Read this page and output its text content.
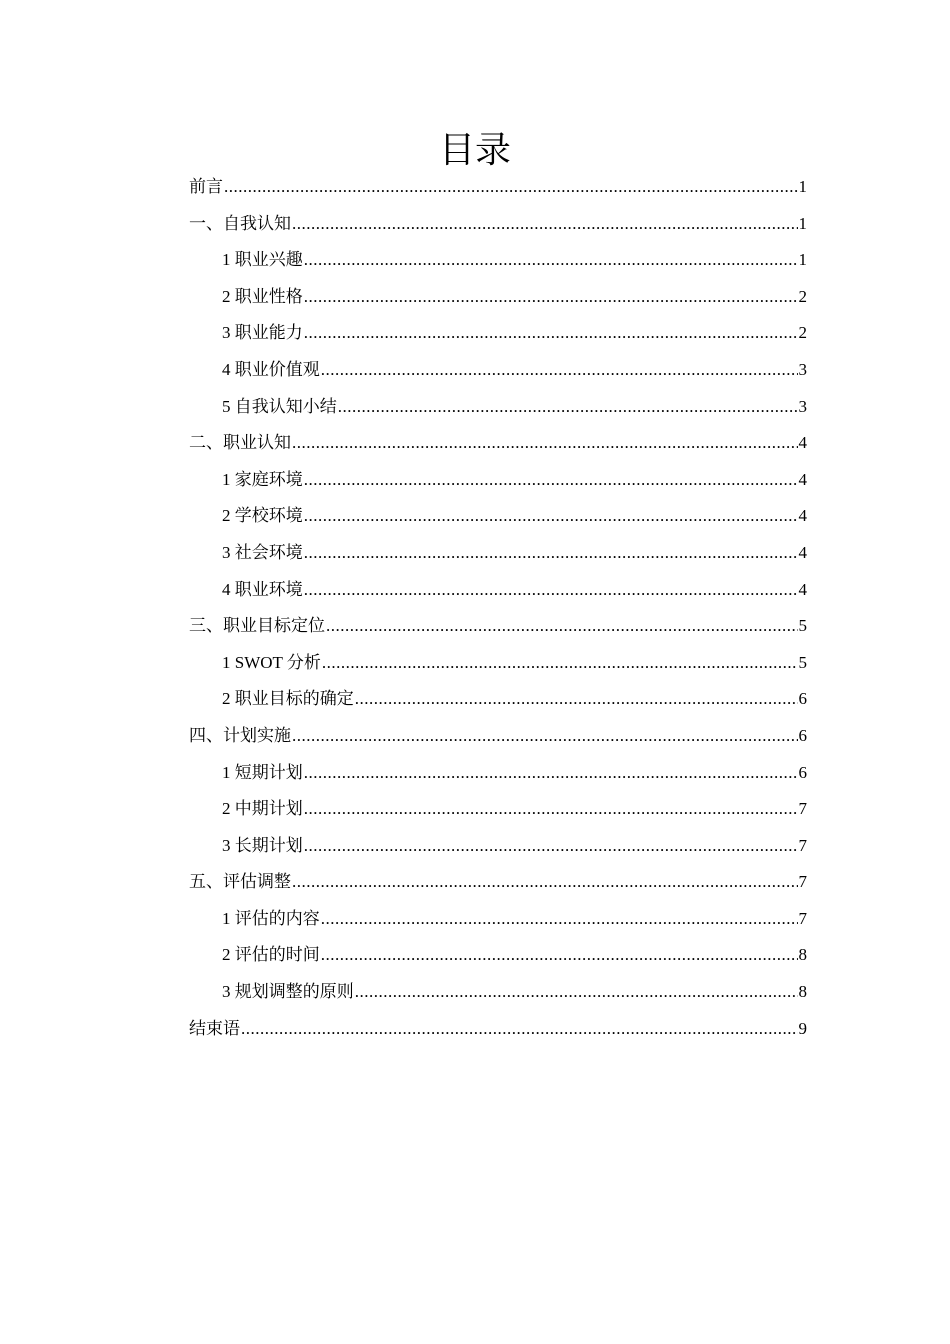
目录
前言 .....	1
一、自我认知 .....	1
1 职业兴趣 .....	1
2 职业性格 .....	2
3 职业能力 .....	2
4 职业价值观 .....	3
5 自我认知小结 .....	3
二、职业认知 .....	4
1 家庭环境 .....	4
2 学校环境 .....	4
3 社会环境 .....	4
4 职业环境 .....	4
三、职业目标定位 .....	5
1 SWOT 分析 .....	5
2 职业目标的确定 .....	6
四、计划实施 .....	6
1 短期计划 .....	6
2 中期计划 .....	7
3 长期计划 .....	7
五、评估调整 .....	7
1 评估的内容 .....	7
2 评估的时间 .....	8
3 规划调整的原则 .....	8
结束语 .....	9
